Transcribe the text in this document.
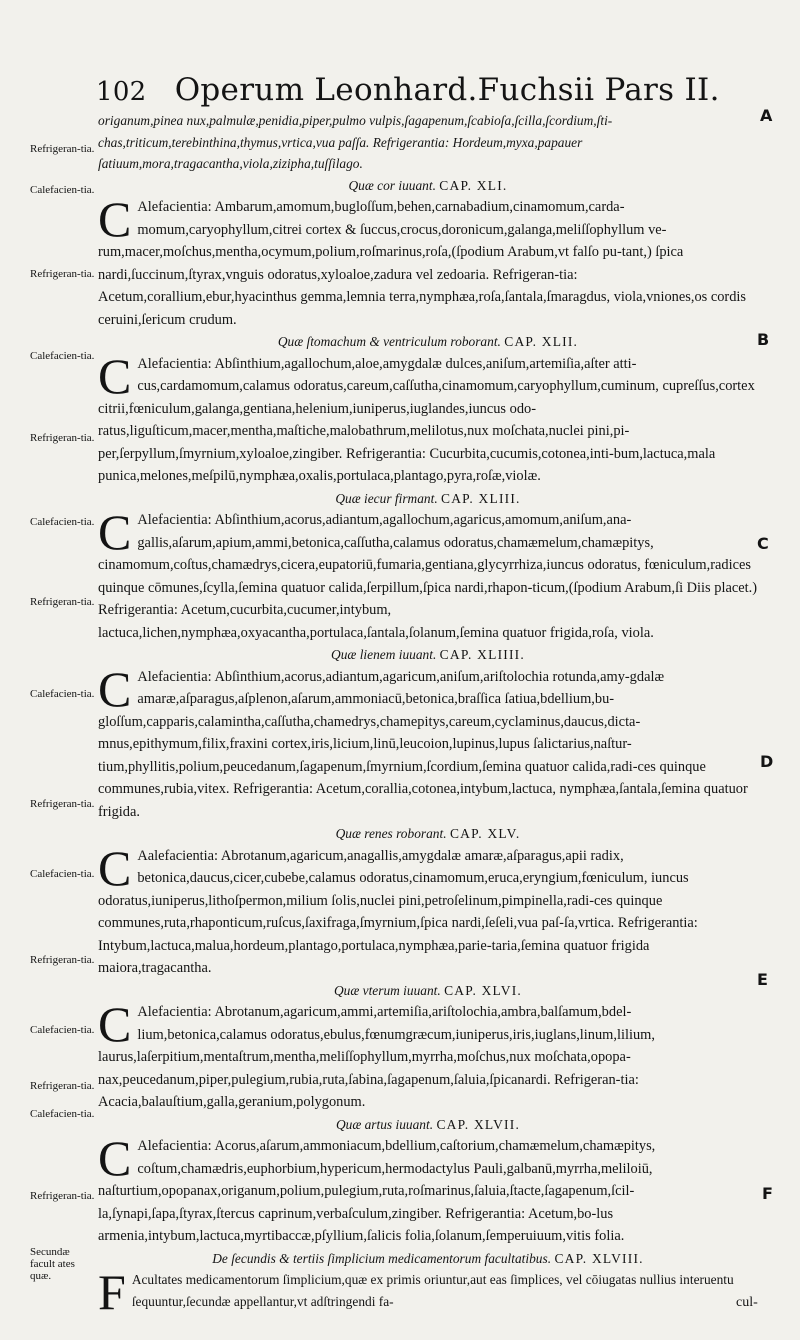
102 Operum Leonhard.Fuchsii Pars II.
A
B
C
D
E
F
Refrigeran-tia.
Calefacien-tia.
Refrigeran-tia.
Calefacien-tia.
Refrigeran-tia.
Calefacien-tia.
Refrigeran-tia.
Calefacien-tia.
Refrigeran-tia.
Calefacien-tia.
Refrigeran-tia.
Calefacien-tia.
Refrigeran-tia.
Calefacien-tia.
Refrigeran-tia.
Secundæ facult ates quæ.

origanum,pinea nux,palmulæ,penidia,piper,pulmo vulpis,ſagapenum,ſcabioſa,ſcilla,ſcordium,ſti-chas,triticum,terebinthina,thymus,vrtica,vua paſſa. Refrigerantia: Hordeum,myxa,papauer ſatiuum,mora,tragacantha,viola,zizipha,tuſſilago.

Quæ cor iuuant. CAP. XLI.

C Alefacientia: Ambarum,amomum,bugloſſum,behen,carnabadium,cinamomum,carda-momum,caryophyllum,citrei cortex & ſuccus,crocus,doronicum,galanga,meliſſophyllum ve-rum,macer,moſchus,mentha,ocymum,polium,roſmarinus,roſa,(ſpodium Arabum,vt falſo pu-tant,) ſpica nardi,ſuccinum,ſtyrax,vnguis odoratus,xyloaloe,zadura vel zedoaria. Refrigeran-tia: Acetum,corallium,ebur,hyacinthus gemma,lemnia terra,nymphæa,roſa,ſantala,ſmaragdus, viola,vniones,os cordis ceruini,ſericum crudum.

Quæ ſtomachum & ventriculum roborant. CAP. XLII.

C Alefacientia: Abſinthium,agallochum,aloe,amygdalæ dulces,aniſum,artemiſia,aſter atti-cus,cardamomum,calamus odoratus,careum,caſſutha,cinamomum,caryophyllum,cuminum, cupreſſus,cortex citrii,fœniculum,galanga,gentiana,helenium,iuniperus,iuglandes,iuncus odo-ratus,liguſticum,macer,mentha,maſtiche,malobathrum,melilotus,nux moſchata,nuclei pini,pi-per,ſerpyllum,ſmyrnium,xyloaloe,zingiber. Refrigerantia: Cucurbita,cucumis,cotonea,inti-bum,lactuca,mala punica,melones,meſpilū,nymphæa,oxalis,portulaca,plantago,pyra,roſæ,violæ.

Quæ iecur firmant. CAP. XLIII.

C Alefacientia: Abſinthium,acorus,adiantum,agallochum,agaricus,amomum,aniſum,ana-gallis,aſarum,apium,ammi,betonica,caſſutha,calamus odoratus,chamæmelum,chamæpitys, cinamomum,coſtus,chamædrys,cicera,eupatoriū,fumaria,gentiana,glycyrrhiza,iuncus odoratus, fœniculum,radices quinque cōmunes,ſcylla,ſemina quatuor calida,ſerpillum,ſpica nardi,rhapon-ticum,(ſpodium Arabum,ſi Diis placet.) Refrigerantia: Acetum,cucurbita,cucumer,intybum, lactuca,lichen,nymphæa,oxyacantha,portulaca,ſantala,ſolanum,ſemina quatuor frigida,roſa, viola.

Quæ lienem iuuant. CAP. XLIIII.

C Alefacientia: Abſinthium,acorus,adiantum,agaricum,aniſum,ariſtolochia rotunda,amy-gdalæ amaræ,aſparagus,aſplenon,aſarum,ammoniacū,betonica,braſſica ſatiua,bdellium,bu-gloſſum,capparis,calamintha,caſſutha,chamedrys,chamepitys,careum,cyclaminus,daucus,dicta-mnus,epithymum,filix,fraxini cortex,iris,licium,linū,leucoion,lupinus,lupus ſalictarius,naſtur-tium,phyllitis,polium,peucedanum,ſagapenum,ſmyrnium,ſcordium,ſemina quatuor calida,radi-ces quinque communes,rubia,vitex. Refrigerantia: Acetum,corallia,cotonea,intybum,lactuca, nymphæa,ſantala,ſemina quatuor frigida.

Quæ renes roborant. CAP. XLV.

C Aalefacientia: Abrotanum,agaricum,anagallis,amygdalæ amaræ,aſparagus,apii radix, betonica,daucus,cicer,cubebe,calamus odoratus,cinamomum,eruca,eryngium,fœniculum, iuncus odoratus,iuniperus,lithoſpermon,milium ſolis,nuclei pini,petroſelinum,pimpinella,radi-ces quinque communes,ruta,rhaponticum,ruſcus,ſaxifraga,ſmyrnium,ſpica nardi,ſeſeli,vua paſ-ſa,vrtica. Refrigerantia: Intybum,lactuca,malua,hordeum,plantago,portulaca,nymphæa,parie-taria,ſemina quatuor frigida maiora,tragacantha.

Quæ vterum iuuant. CAP. XLVI.

C Alefacientia: Abrotanum,agaricum,ammi,artemiſia,ariſtolochia,ambra,balſamum,bdel-lium,betonica,calamus odoratus,ebulus,fœnumgræcum,iuniperus,iris,iuglans,linum,lilium, laurus,laſerpitium,mentaſtrum,mentha,meliſſophyllum,myrrha,moſchus,nux moſchata,opopa-nax,peucedanum,piper,pulegium,rubia,ruta,ſabina,ſagapenum,ſaluia,ſpicanardi. Refrigeran-tia: Acacia,balauſtium,galla,geranium,polygonum.

Quæ artus iuuant. CAP. XLVII.

C Alefacientia: Acorus,aſarum,ammoniacum,bdellium,caſtorium,chamæmelum,chamæpitys, coſtum,chamædris,euphorbium,hypericum,hermodactylus Pauli,galbanū,myrrha,meliloiū, naſturtium,opopanax,origanum,polium,pulegium,ruta,roſmarinus,ſaluia,ſtacte,ſagapenum,ſcil-la,ſynapi,ſapa,ſtyrax,ſtercus caprinum,verbaſculum,zingiber. Refrigerantia: Acetum,bo-lus armenia,intybum,lactuca,myrtibaccæ,pſyllium,ſalicis folia,ſolanum,ſemperuiuum,vitis folia.

De ſecundis & tertiis ſimplicium medicamentorum facultatibus. CAP. XLVIII.

F Acultates medicamentorum ſimplicium,quæ ex primis oriuntur,aut eas ſimplices, vel cōiugatas nullius interuentu ſequuntur,ſecundæ appellantur,vt adſtringendi fa-	cul-
